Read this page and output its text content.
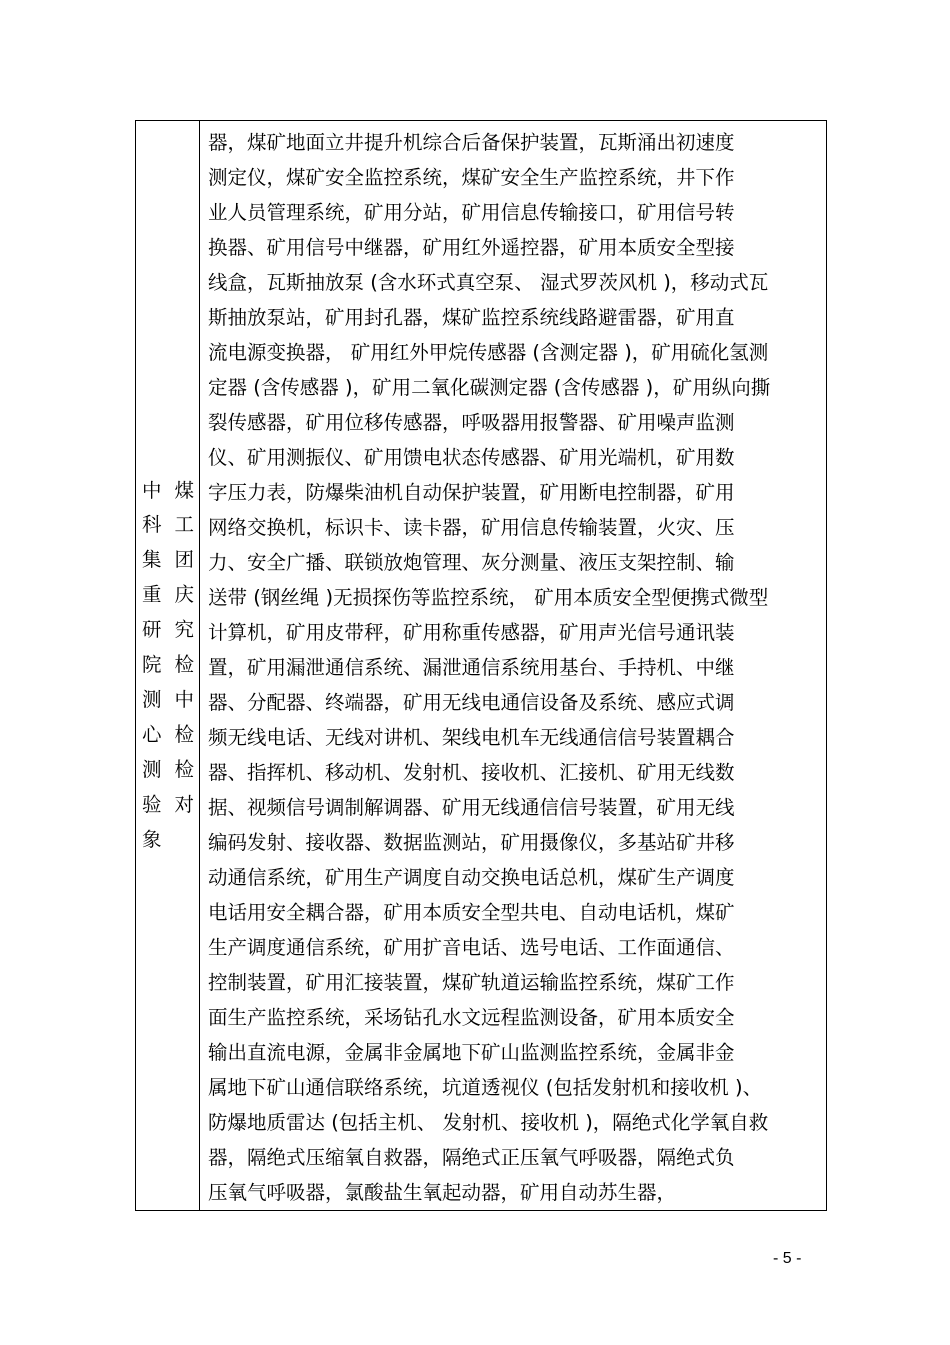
中煤科工集团重庆研究院检测中心检测检验对象

器，煤矿地面立井提升机综合后备保护装置，瓦斯涌出初速度
测定仪，煤矿安全监控系统，煤矿安全生产监控系统，井下作
业人员管理系统，矿用分站，矿用信息传输接口，矿用信号转
换器、矿用信号中继器，矿用红外遥控器，矿用本质安全型接
线盒，瓦斯抽放泵 (含水环式真空泵、 湿式罗茨风机 )，移动式瓦
斯抽放泵站，矿用封孔器，煤矿监控系统线路避雷器，矿用直
流电源变换器， 矿用红外甲烷传感器 (含测定器 )，矿用硫化氢测
定器 (含传感器 )，矿用二氧化碳测定器 (含传感器 )，矿用纵向撕
裂传感器，矿用位移传感器，呼吸器用报警器、矿用噪声监测
仪、矿用测振仪、矿用馈电状态传感器、矿用光端机，矿用数
字压力表，防爆柴油机自动保护装置，矿用断电控制器，矿用
网络交换机，标识卡、读卡器，矿用信息传输装置，火灾、压
力、安全广播、联锁放炮管理、灰分测量、液压支架控制、输
送带 (钢丝绳 )无损探伤等监控系统， 矿用本质安全型便携式微型
计算机，矿用皮带秤，矿用称重传感器，矿用声光信号通讯装
置，矿用漏泄通信系统、漏泄通信系统用基台、手持机、中继
器、分配器、终端器，矿用无线电通信设备及系统、感应式调
频无线电话、无线对讲机、架线电机车无线通信信号装置耦合
器、指挥机、移动机、发射机、接收机、汇接机、矿用无线数
据、视频信号调制解调器、矿用无线通信信号装置，矿用无线
编码发射、接收器、数据监测站，矿用摄像仪，多基站矿井移
动通信系统，矿用生产调度自动交换电话总机，煤矿生产调度
电话用安全耦合器，矿用本质安全型共电、自动电话机，煤矿
生产调度通信系统，矿用扩音电话、选号电话、工作面通信、
控制装置，矿用汇接装置，煤矿轨道运输监控系统，煤矿工作
面生产监控系统，采场钻孔水文远程监测设备，矿用本质安全
输出直流电源，金属非金属地下矿山监测监控系统，金属非金
属地下矿山通信联络系统，坑道透视仪 (包括发射机和接收机 )、
防爆地质雷达 (包括主机、 发射机、接收机 )，隔绝式化学氧自救
器，隔绝式压缩氧自救器，隔绝式正压氧气呼吸器，隔绝式负
压氧气呼吸器，氯酸盐生氧起动器，矿用自动苏生器，
- 5 -
